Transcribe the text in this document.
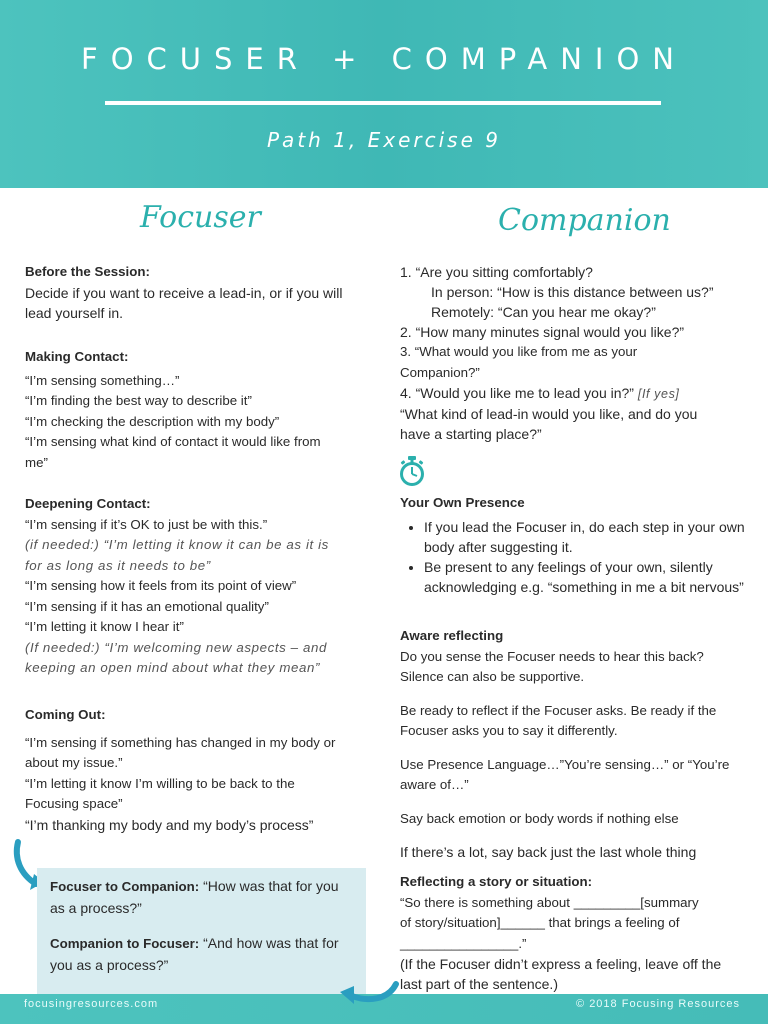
FOCUSER + COMPANION
Path 1, Exercise 9
Focuser
Before the Session:
Decide if you want to receive a lead-in, or if you will
lead yourself in.
Making Contact:
“I’m sensing something…”
“I’m finding the best way to describe it”
“I’m checking the description with my body”
“I’m sensing what kind of contact it would like from
me”
Deepening Contact:
“I’m sensing if it’s OK to just be with this.”
(if needed:) “I’m letting it know it can be as it is
for as long as it needs to be”
“I’m sensing how it feels from its point of view”
“I’m sensing if it has an emotional quality”
“I’m letting it know I hear it”
(If needed:) “I’m welcoming new aspects – and
keeping an open mind about what they mean”
Coming Out:
“I’m sensing if something has changed in my body or
about my issue.”
“I’m letting it know I’m willing to be back to the
Focusing space”
“I’m thanking my body and my body’s process”
Focuser to Companion: “How was that for you
as a process?”
Companion to Focuser: “And how was that for
you as a process?”
Companion
1. “Are you sitting comfortably?
In person: “How is this distance between us?”
Remotely: “Can you hear me okay?”
2. “How many minutes signal would you like?”
3. “What would you like from me as your
Companion?”
4. “Would you like me to lead you in?” [If yes]
“What kind of lead-in would you like, and do you
have a starting place?”
Your Own Presence
• If you lead the Focuser in, do each step in your own body after suggesting it.
• Be present to any feelings of your own, silently acknowledging e.g. “something in me a bit nervous”
Aware reflecting
Do you sense the Focuser needs to hear this back?
Silence can also be supportive.
Be ready to reflect if the Focuser asks. Be ready if the
Focuser asks you to say it differently.
Use Presence Language…”You’re sensing…” or “You’re
aware of…”
Say back emotion or body words if nothing else
If there’s a lot, say back just the last whole thing
Reflecting a story or situation:
“So there is something about _________[summary
of story/situation]______ that brings a feeling of
________________.”
(If the Focuser didn’t express a feeling, leave off the
last part of the sentence.)
focusingresources.com	© 2018 Focusing Resources
